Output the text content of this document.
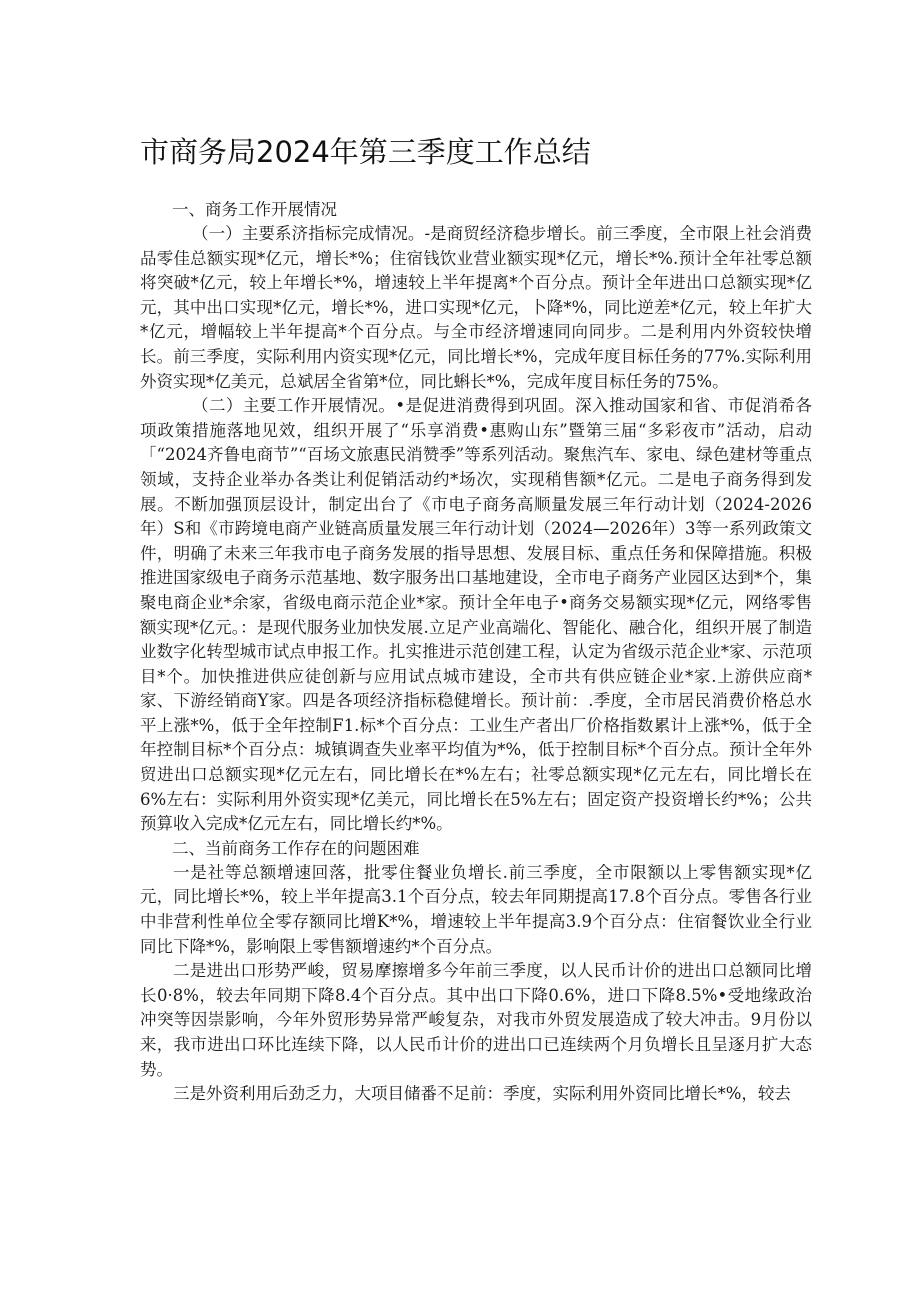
市商务局2024年第三季度工作总结

一、商务工作开展情况

（一）主要系济指标完成情况。-是商贸经济稳步增长。前三季度，全市限上社会消费品零佳总额实现*亿元，增长*%；住宿钱饮业营业额实现*亿元，增长*%.预计全年社零总额将突破*亿元，较上年增长*%，增速较上半年提离*个百分点。预计全年进出口总额实现*亿元，其中出口实现*亿元，增长*%，进口实现*亿元，卜降*%，同比逆差*亿元，较上年扩大*亿元，增幅较上半年提高*个百分点。与全市经济增速同向同步。二是利用内外资较快增长。前三季度，实际利用内资实现*亿元，同比增长*%，完成年度目标任务的77%.实际利用外资实现*亿美元，总斌居全省第*位，同比蝌长*%，完成年度目标任务的75%。

（二）主要工作开展情况。•是促进消费得到巩固。深入推动国家和省、市促消希各项政策措施落地见效，组织开展了“乐享消费•惠购山东”暨第三届“多彩夜市”活动，启动「“2024齐鲁电商节”“百场文旅惠民消赞季”等系列活动。聚焦汽车、家电、绿色建材等重点领域，支持企业举办各类让利促销活动约*场次，实现稍售额*亿元。二是电子商务得到发展。不断加强顶层设计，制定出台了《市电子商务高顺量发展三年行动计划（2024-2026年）S和《市跨境电商产业链高质量发展三年行动计划（2024—2026年）3等一系列政策文件，明确了未来三年我市电子商务发展的指导思想、发展目标、重点任务和保障措施。积极推进国家级电子商务示范基地、数字服务出口基地建设，全市电子商务产业园区达到*个，集聚电商企业*余家，省级电商示范企业*家。预计全年电子•商务交易额实现*亿元，网络零售额实现*亿元。：是现代服务业加快发展.立足产业高端化、智能化、融合化，组织开展了制造业数字化转型城市试点申报工作。扎实推进示范创建工程，认定为省级示范企业*家、示范项目*个。加快推进供应徒创新与应用试点城市建设，全市共有供应链企业*家.上游供应商*家、下游经销商Y家。四是各项经济指标稳健增长。预计前：.季度，全市居民消费价格总水平上涨*%，低于全年控制F1.标*个百分点：工业生产者出厂价格指数累计上涨*%，低于全年控制目标*个百分点：城镇调查失业率平均值为*%，低于控制目标*个百分点。预计全年外贸进出口总额实现*亿元左右，同比增长在*%左右；社零总额实现*亿元左右，同比增长在6%左右：实际利用外资实现*亿美元，同比增长在5%左右；固定资产投资增长约*%；公共预算收入完成*亿元左右，同比增长约*%。

二、当前商务工作存在的问题困难

一是社等总额增速回落，批零住餐业负增长.前三季度，全市限额以上零售额实现*亿元，同比增长*%，较上半年提高3.1个百分点，较去年同期提高17.8个百分点。零售各行业中非营利性单位全零存额同比增K*%，增速较上半年提高3.9个百分点：住宿餐饮业全行业同比下降*%，影响限上零售额增速约*个百分点。

二是进出口形势严峻，贸易摩擦增多今年前三季度，以人民币计价的进出口总额同比增长0·8%，较去年同期下降8.4个百分点。其中出口下降0.6%，进口下降8.5%•受地缘政治冲突等因崇影响，今年外贸形势异常严峻复杂，对我市外贸发展造成了较大冲击。9月份以来，我市进出口环比连续下降，以人民币计价的进出口已连续两个月负增长且呈逐月扩大态势。

三是外资利用后劲乏力，大项目储番不足前：季度，实际利用外资同比增长*%，较去
